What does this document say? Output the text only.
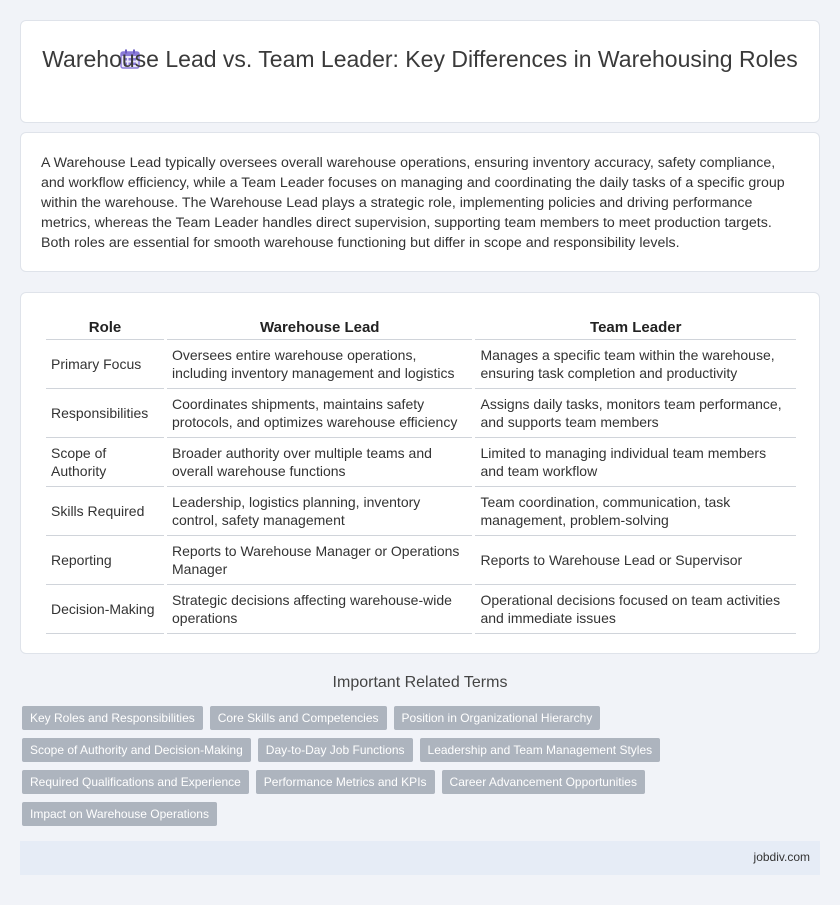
Warehouse Lead vs. Team Leader: Key Differences in Warehousing Roles

A Warehouse Lead typically oversees overall warehouse operations, ensuring inventory accuracy, safety compliance, and workflow efficiency, while a Team Leader focuses on managing and coordinating the daily tasks of a specific group within the warehouse. The Warehouse Lead plays a strategic role, implementing policies and driving performance metrics, whereas the Team Leader handles direct supervision, supporting team members to meet production targets. Both roles are essential for smooth warehouse functioning but differ in scope and responsibility levels.

Role	Warehouse Lead	Team Leader
Primary Focus	Oversees entire warehouse operations, including inventory management and logistics	Manages a specific team within the warehouse, ensuring task completion and productivity
Responsibilities	Coordinates shipments, maintains safety protocols, and optimizes warehouse efficiency	Assigns daily tasks, monitors team performance, and supports team members
Scope of Authority	Broader authority over multiple teams and overall warehouse functions	Limited to managing individual team members and team workflow
Skills Required	Leadership, logistics planning, inventory control, safety management	Team coordination, communication, task management, problem-solving
Reporting	Reports to Warehouse Manager or Operations Manager	Reports to Warehouse Lead or Supervisor
Decision-Making	Strategic decisions affecting warehouse-wide operations	Operational decisions focused on team activities and immediate issues
Important Related Terms
Key Roles and Responsibilities	Core Skills and Competencies	Position in Organizational Hierarchy
Scope of Authority and Decision-Making	Day-to-Day Job Functions	Leadership and Team Management Styles
Required Qualifications and Experience	Performance Metrics and KPIs	Career Advancement Opportunities
Impact on Warehouse Operations
jobdiv.com
